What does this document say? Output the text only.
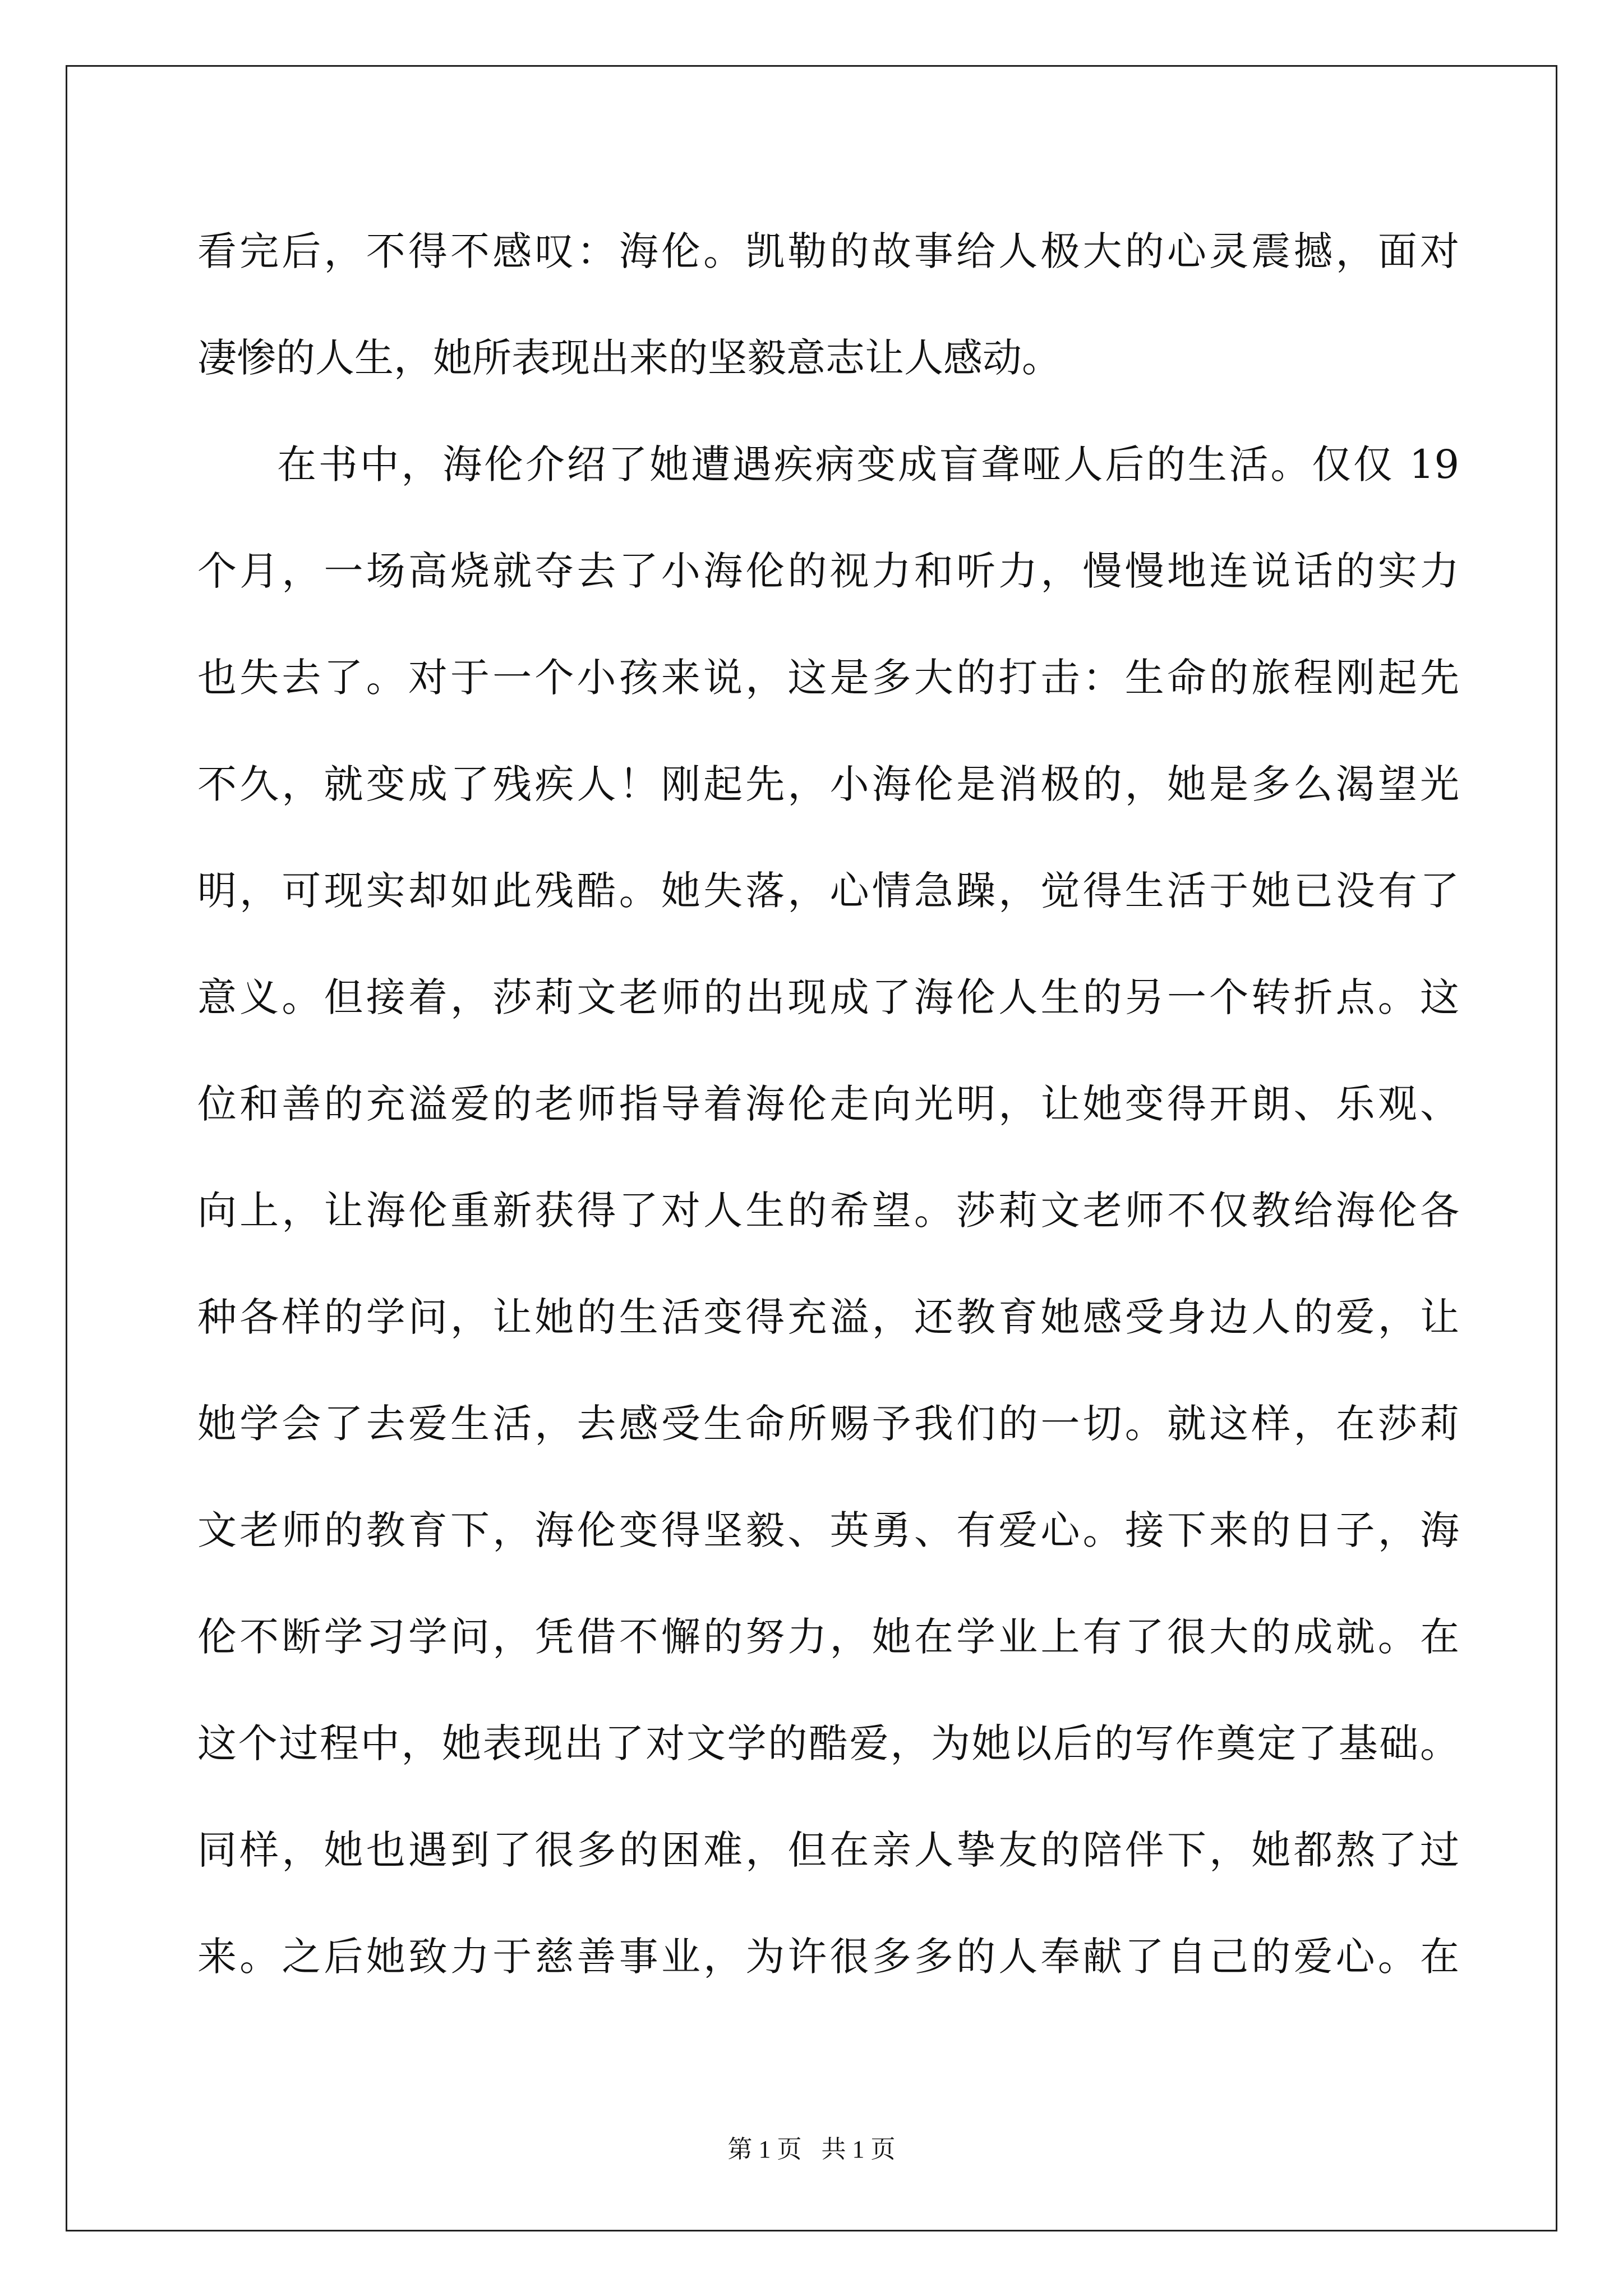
看完后，不得不感叹：海伦。凯勒的故事给人极大的心灵震撼，面对
凄惨的人生，她所表现出来的坚毅意志让人感动。
在书中，海伦介绍了她遭遇疾病变成盲聋哑人后的生活。仅仅 19
个月，一场高烧就夺去了小海伦的视力和听力，慢慢地连说话的实力
也失去了。对于一个小孩来说，这是多大的打击：生命的旅程刚起先
不久，就变成了残疾人！刚起先，小海伦是消极的，她是多么渴望光
明，可现实却如此残酷。她失落，心情急躁，觉得生活于她已没有了
意义。但接着，莎莉文老师的出现成了海伦人生的另一个转折点。这
位和善的充溢爱的老师指导着海伦走向光明，让她变得开朗、乐观、
向上，让海伦重新获得了对人生的希望。莎莉文老师不仅教给海伦各
种各样的学问，让她的生活变得充溢，还教育她感受身边人的爱，让
她学会了去爱生活，去感受生命所赐予我们的一切。就这样，在莎莉
文老师的教育下，海伦变得坚毅、英勇、有爱心。接下来的日子，海
伦不断学习学问，凭借不懈的努力，她在学业上有了很大的成就。在
这个过程中，她表现出了对文学的酷爱，为她以后的写作奠定了基础。
同样，她也遇到了很多的困难，但在亲人挚友的陪伴下，她都熬了过
来。之后她致力于慈善事业，为许很多多的人奉献了自己的爱心。在
第 1 页 共 1 页
